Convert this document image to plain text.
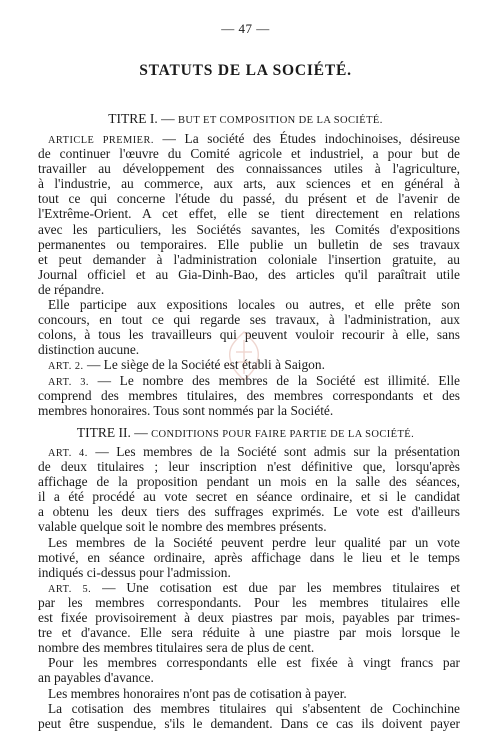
— 47 —
STATUTS DE LA SOCIÉTÉ.
TITRE I. — BUT ET COMPOSITION DE LA SOCIÉTÉ.
ARTICLE PREMIER. — La société des Études indochinoises, désireuse
de continuer l'œuvre du Comité agricole et industriel, a pour but de
travailler au développement des connaissances utiles à l'agriculture,
à l'industrie, au commerce, aux arts, aux sciences et en général à
tout ce qui concerne l'étude du passé, du présent et de l'avenir de
l'Extrême-Orient. A cet effet, elle se tient directement en relations
avec les particuliers, les Sociétés savantes, les Comités d'expositions
permanentes ou temporaires. Elle publie un bulletin de ses travaux
et peut demander à l'administration coloniale l'insertion gratuite, au
Journal officiel et au Gia-Dinh-Bao, des articles qu'il paraîtrait utile
de répandre.
Elle participe aux expositions locales ou autres, et elle prête son
concours, en tout ce qui regarde ses travaux, à l'administration, aux
colons, à tous les travailleurs qui peuvent vouloir recourir à elle, sans
distinction aucune.
ART. 2. — Le siège de la Société est établi à Saigon.
ART. 3. — Le nombre des membres de la Société est illimité. Elle
comprend des membres titulaires, des membres correspondants et des
membres honoraires. Tous sont nommés par la Société.
TITRE II. — CONDITIONS POUR FAIRE PARTIE DE LA SOCIÉTÉ.
ART. 4. — Les membres de la Société sont admis sur la présentation
de deux titulaires ; leur inscription n'est définitive que, lorsqu'après
affichage de la proposition pendant un mois en la salle des séances,
il a été procédé au vote secret en séance ordinaire, et si le candidat
a obtenu les deux tiers des suffrages exprimés. Le vote est d'ailleurs
valable quelque soit le nombre des membres présents.
Les membres de la Société peuvent perdre leur qualité par un vote
motivé, en séance ordinaire, après affichage dans le lieu et le temps
indiqués ci-dessus pour l'admission.
ART. 5. — Une cotisation est due par les membres titulaires et
par les membres correspondants. Pour les membres titulaires elle
est fixée provisoirement à deux piastres par mois, payables par trimes-
tre et d'avance. Elle sera réduite à une piastre par mois lorsque le
nombre des membres titulaires sera de plus de cent.
Pour les membres correspondants elle est fixée à vingt francs par
an payables d'avance.
Les membres honoraires n'ont pas de cotisation à payer.
La cotisation des membres titulaires qui s'absentent de Cochinchine
peut être suspendue, s'ils le demandent. Dans ce cas ils doivent payer
